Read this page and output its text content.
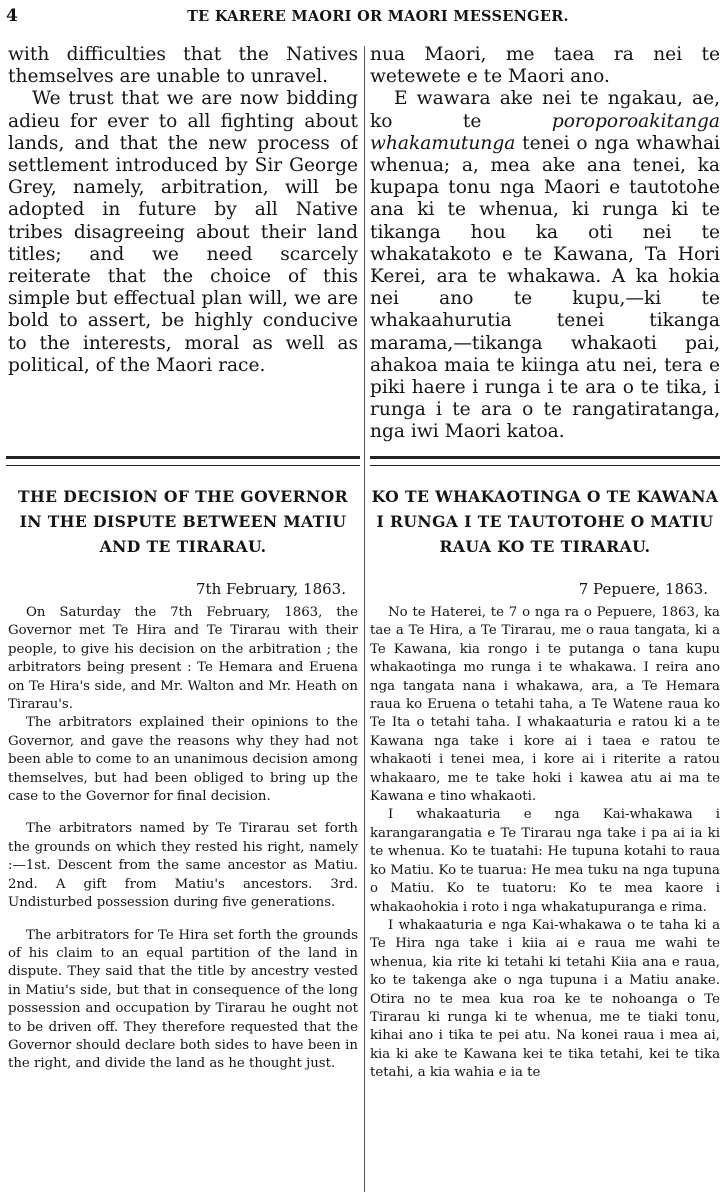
4	TE KARERE MAORI OR MAORI MESSENGER.

with difficulties that the Natives themselves are unable to unravel.

We trust that we are now bidding adieu for ever to all fighting about lands, and that the new process of settlement introduced by Sir George Grey, namely, arbitration, will be adopted in future by all Native tribes disagreeing about their land titles; and we need scarcely reiterate that the choice of this simple but effectual plan will, we are bold to assert, be highly conducive to the interests, moral as well as political, of the Maori race.

nua Maori, me taea ra nei te wetewete e te Maori ano.

E wawara ake nei te ngakau, ae, ko te poroporoakitanga whakamutunga tenei o nga whawhai whenua; a, mea ake ana tenei, ka kupapa tonu nga Maori e tautotohe ana ki te whenua, ki runga ki te tikanga hou ka oti nei te whakatakoto e te Kawana, Ta Hori Kerei, ara te whakawa. A ka hokia nei ano te kupu,—ki te whakaahurutia tenei tikanga marama,—tikanga whakaoti pai, ahakoa maia te kiinga atu nei, tera e piki haere i runga i te ara o te tika, i runga i te ara o te rangatiratanga, nga iwi Maori katoa.

THE DECISION OF THE GOVERNOR IN THE DISPUTE BETWEEN MATIU AND TE TIRARAU.
7th February, 1863.

On Saturday the 7th February, 1863, the Governor met Te Hira and Te Tirarau with their people, to give his decision on the arbitration ; the arbitrators being present : Te Hemara and Eruena on Te Hira's side, and Mr. Walton and Mr. Heath on Tirarau's.

The arbitrators explained their opinions to the Governor, and gave the reasons why they had not been able to come to an unanimous decision among themselves, but had been obliged to bring up the case to the Governor for final decision.

The arbitrators named by Te Tirarau set forth the grounds on which they rested his right, namely :—1st. Descent from the same ancestor as Matiu. 2nd. A gift from Matiu's ancestors. 3rd. Undisturbed possession during five generations.

The arbitrators for Te Hira set forth the grounds of his claim to an equal partition of the land in dispute. They said that the title by ancestry vested in Matiu's side, but that in consequence of the long possession and occupation by Tirarau he ought not to be driven off. They therefore requested that the Governor should declare both sides to have been in the right, and divide the land as he thought just.

KO TE WHAKAOTINGA O TE KAWANA I RUNGA I TE TAUTOTOHE O MATIU RAUA KO TE TIRARAU.
7 Pepuere, 1863.

No te Haterei, te 7 o nga ra o Pepuere, 1863, ka tae a Te Hira, a Te Tirarau, me o raua tangata, ki a Te Kawana, kia rongo i te putanga o tana kupu whakaotinga mo runga i te whakawa. I reira ano nga tangata nana i whakawa, ara, a Te Hemara raua ko Eruena o tetahi taha, a Te Watene raua ko Te Ita o tetahi taha. I whakaaturia e ratou ki a te Kawana nga take i kore ai i taea e ratou te whakaoti i tenei mea, i kore ai i riterite a ratou whakaaro, me te take hoki i kawea atu ai ma te Kawana e tino whakaoti.

I whakaaturia e nga Kai-whakawa i karangarangatia e Te Tirarau nga take i pa ai ia ki te whenua. Ko te tuatahi: He tupuna kotahi to raua ko Matiu. Ko te tuarua: He mea tuku na nga tupuna o Matiu. Ko te tuatoru: Ko te mea kaore i whakaohokia i roto i nga whakatupuranga e rima.

I whakaaturia e nga Kai-whakawa o te taha ki a Te Hira nga take i kiia ai e raua me wahi te whenua, kia rite ki tetahi ki tetahi Kiia ana e raua, ko te takenga ake o nga tupuna i a Matiu anake. Otira no te mea kua roa ke te nohoanga o Te Tirarau ki runga ki te whenua, me te tiaki tonu, kihai ano i tika te pei atu. Na konei raua i mea ai, kia ki ake te Kawana kei te tika tetahi, kei te tika tetahi, a kia wahia e ia te
